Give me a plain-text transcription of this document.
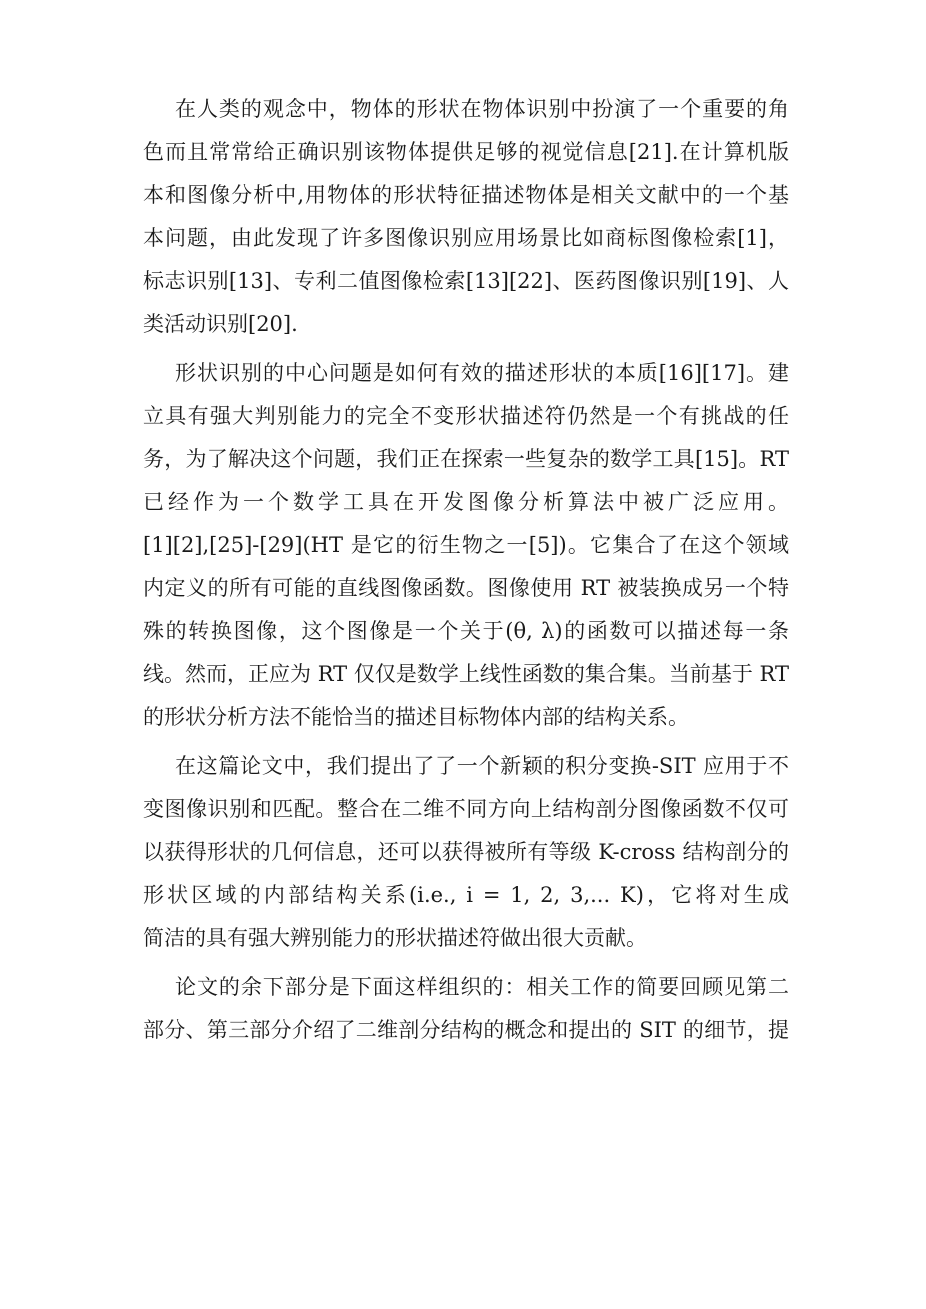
在人类的观念中，物体的形状在物体识别中扮演了一个重要的角
色而且常常给正确识别该物体提供足够的视觉信息[21].在计算机版
本和图像分析中,用物体的形状特征描述物体是相关文献中的一个基
本问题，由此发现了许多图像识别应用场景比如商标图像检索[1]，
标志识别[13]、专利二值图像检索[13][22]、医药图像识别[19]、人
类活动识别[20].
形状识别的中心问题是如何有效的描述形状的本质[16][17]。建
立具有强大判别能力的完全不变形状描述符仍然是一个有挑战的任
务，为了解决这个问题，我们正在探索一些复杂的数学工具[15]。RT
已经作为一个数学工具在开发图像分析算法中被广泛应用。
[1][2],[25]-[29](HT 是它的衍生物之一[5])。它集合了在这个领域
内定义的所有可能的直线图像函数。图像使用 RT 被装换成另一个特
殊的转换图像，这个图像是一个关于(θ, λ)的函数可以描述每一条
线。然而，正应为 RT 仅仅是数学上线性函数的集合集。当前基于 RT
的形状分析方法不能恰当的描述目标物体内部的结构关系。
在这篇论文中，我们提出了了一个新颖的积分变换-SIT 应用于不
变图像识别和匹配。整合在二维不同方向上结构剖分图像函数不仅可
以获得形状的几何信息，还可以获得被所有等级 K-cross 结构剖分的
形状区域的内部结构关系(i.e., i = 1, 2, 3,... K)，它将对生成
简洁的具有强大辨别能力的形状描述符做出很大贡献。
论文的余下部分是下面这样组织的：相关工作的简要回顾见第二
部分、第三部分介绍了二维剖分结构的概念和提出的 SIT 的细节，提
